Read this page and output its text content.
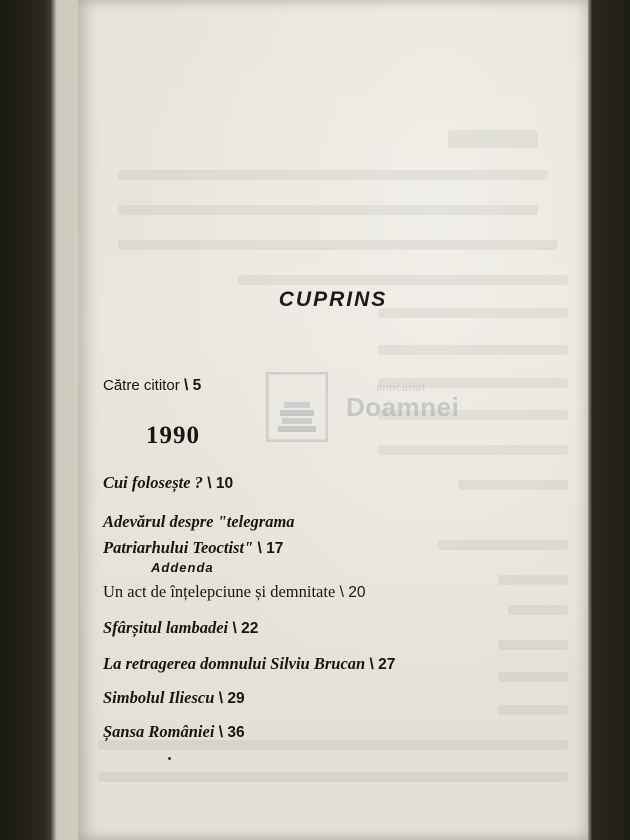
CUPRINS
Către cititor \ 5
1990
Cui folosește ? \ 10
Adevărul despre "telegrama
Patriarhului Teoctist" \ 17
Addenda
Un act de înțelepciune și demnitate \ 20
Sfârșitul lambadei \ 22
La retragerea domnului Silviu Brucan \ 27
Simbolul Iliescu \ 29
Șansa României \ 36
anticariat
Doamnei
